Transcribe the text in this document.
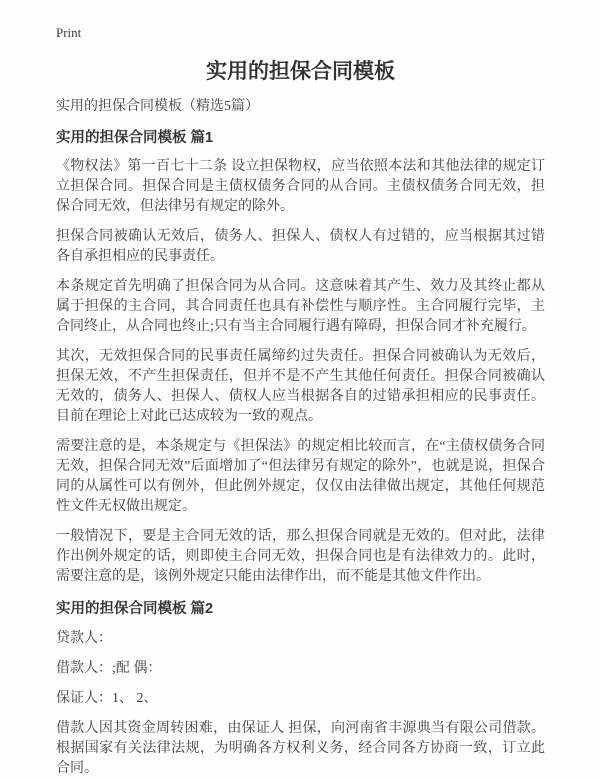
Print
实用的担保合同模板

实用的担保合同模板（精选5篇）

实用的担保合同模板 篇1

《物权法》第一百七十二条 设立担保物权，应当依照本法和其他法律的规定订立担保合同。担保合同是主债权债务合同的从合同。主债权债务合同无效，担保合同无效，但法律另有规定的除外。

担保合同被确认无效后，债务人、担保人、债权人有过错的，应当根据其过错各自承担相应的民事责任。

本条规定首先明确了担保合同为从合同。这意味着其产生、效力及其终止都从属于担保的主合同，其合同责任也具有补偿性与顺序性。主合同履行完毕，主合同终止，从合同也终止;只有当主合同履行遇有障碍，担保合同才补充履行。

其次，无效担保合同的民事责任属缔约过失责任。担保合同被确认为无效后，担保无效，不产生担保责任，但并不是不产生其他任何责任。担保合同被确认无效的，债务人、担保人、债权人应当根据各自的过错承担相应的民事责任。目前在理论上对此已达成较为一致的观点。

需要注意的是，本条规定与《担保法》的规定相比较而言，在“主债权债务合同无效，担保合同无效”后面增加了“但法律另有规定的除外”，也就是说，担保合同的从属性可以有例外，但此例外规定，仅仅由法律做出规定，其他任何规范性文件无权做出规定。

一般情况下，要是主合同无效的话，那么担保合同就是无效的。但对此，法律作出例外规定的话，则即使主合同无效，担保合同也是有法律效力的。此时，需要注意的是，该例外规定只能由法律作出，而不能是其他文件作出。

实用的担保合同模板 篇2

贷款人：

借款人：;配 偶：

保证人：1、 2、

借款人因其资金周转困难，由保证人 担保，向河南省丰源典当有限公司借款。根据国家有关法律法规，为明确各方权利义务，经合同各方协商一致，订立此合同。
